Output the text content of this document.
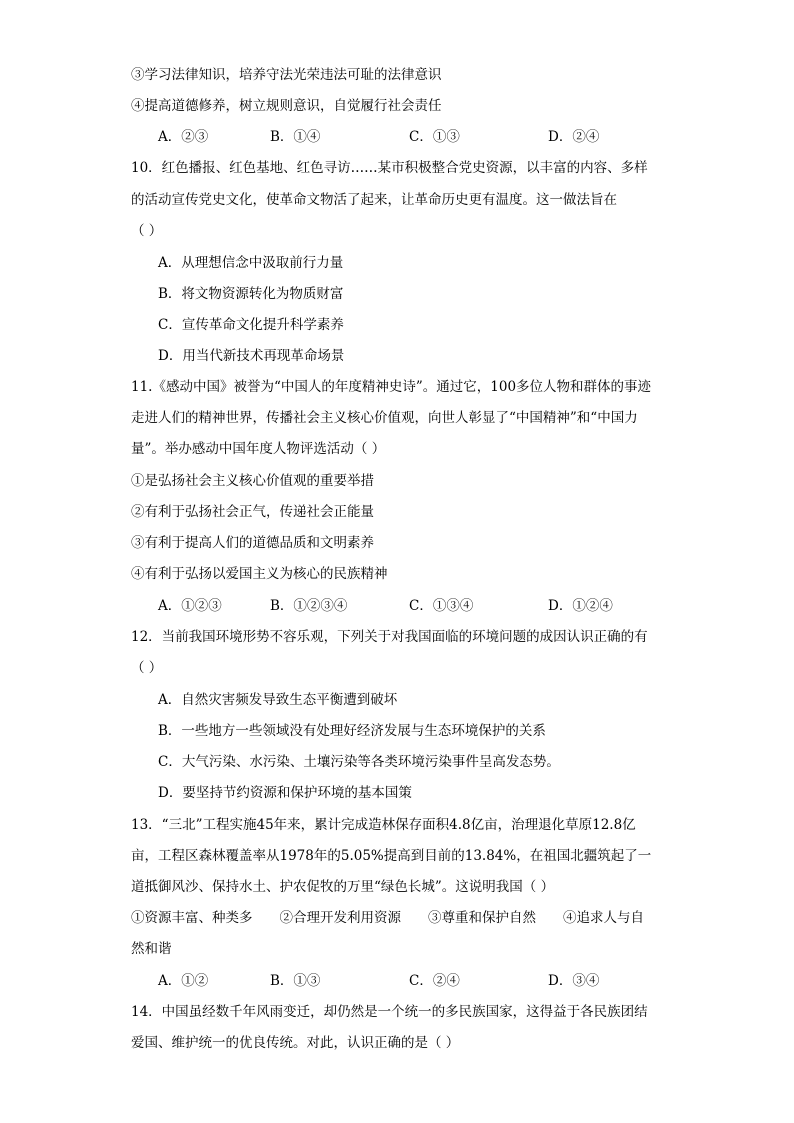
③学习法律知识，培养守法光荣违法可耻的法律意识
④提高道德修养，树立规则意识，自觉履行社会责任
A．②③	B．①④	C．①③	D．②④
10．红色播报、红色基地、红色寻访……某市积极整合党史资源，以丰富的内容、多样
的活动宣传党史文化，使革命文物活了起来，让革命历史更有温度。这一做法旨在
（ ）
A．从理想信念中汲取前行力量
B．将文物资源转化为物质财富
C．宣传革命文化提升科学素养
D．用当代新技术再现革命场景
11.《感动中国》被誉为“中国人的年度精神史诗”。通过它，100多位人物和群体的事迹
走进人们的精神世界，传播社会主义核心价值观，向世人彰显了“中国精神”和“中国力
量”。举办感动中国年度人物评选活动（ ）
①是弘扬社会主义核心价值观的重要举措
②有利于弘扬社会正气，传递社会正能量
③有利于提高人们的道德品质和文明素养
④有利于弘扬以爱国主义为核心的民族精神
A．①②③	B．①②③④	C．①③④	D．①②④
12．当前我国环境形势不容乐观，下列关于对我国面临的环境问题的成因认识正确的有
（ ）
A．自然灾害频发导致生态平衡遭到破坏
B．一些地方一些领域没有处理好经济发展与生态环境保护的关系
C．大气污染、水污染、土壤污染等各类环境污染事件呈高发态势。
D．要坚持节约资源和保护环境的基本国策
13．“三北”工程实施45年来，累计完成造林保存面积4.8亿亩，治理退化草原12.8亿
亩，工程区森林覆盖率从1978年的5.05%提高到目前的13.84%，在祖国北疆筑起了一
道抵御风沙、保持水土、护农促牧的万里“绿色长城”。这说明我国（ ）
①资源丰富、种类多　　②合理开发利用资源　　③尊重和保护自然　　④追求人与自
然和谐
A．①②	B．①③	C．②④	D．③④
14．中国虽经数千年风雨变迁，却仍然是一个统一的多民族国家，这得益于各民族团结
爱国、维护统一的优良传统。对此，认识正确的是（ ）
